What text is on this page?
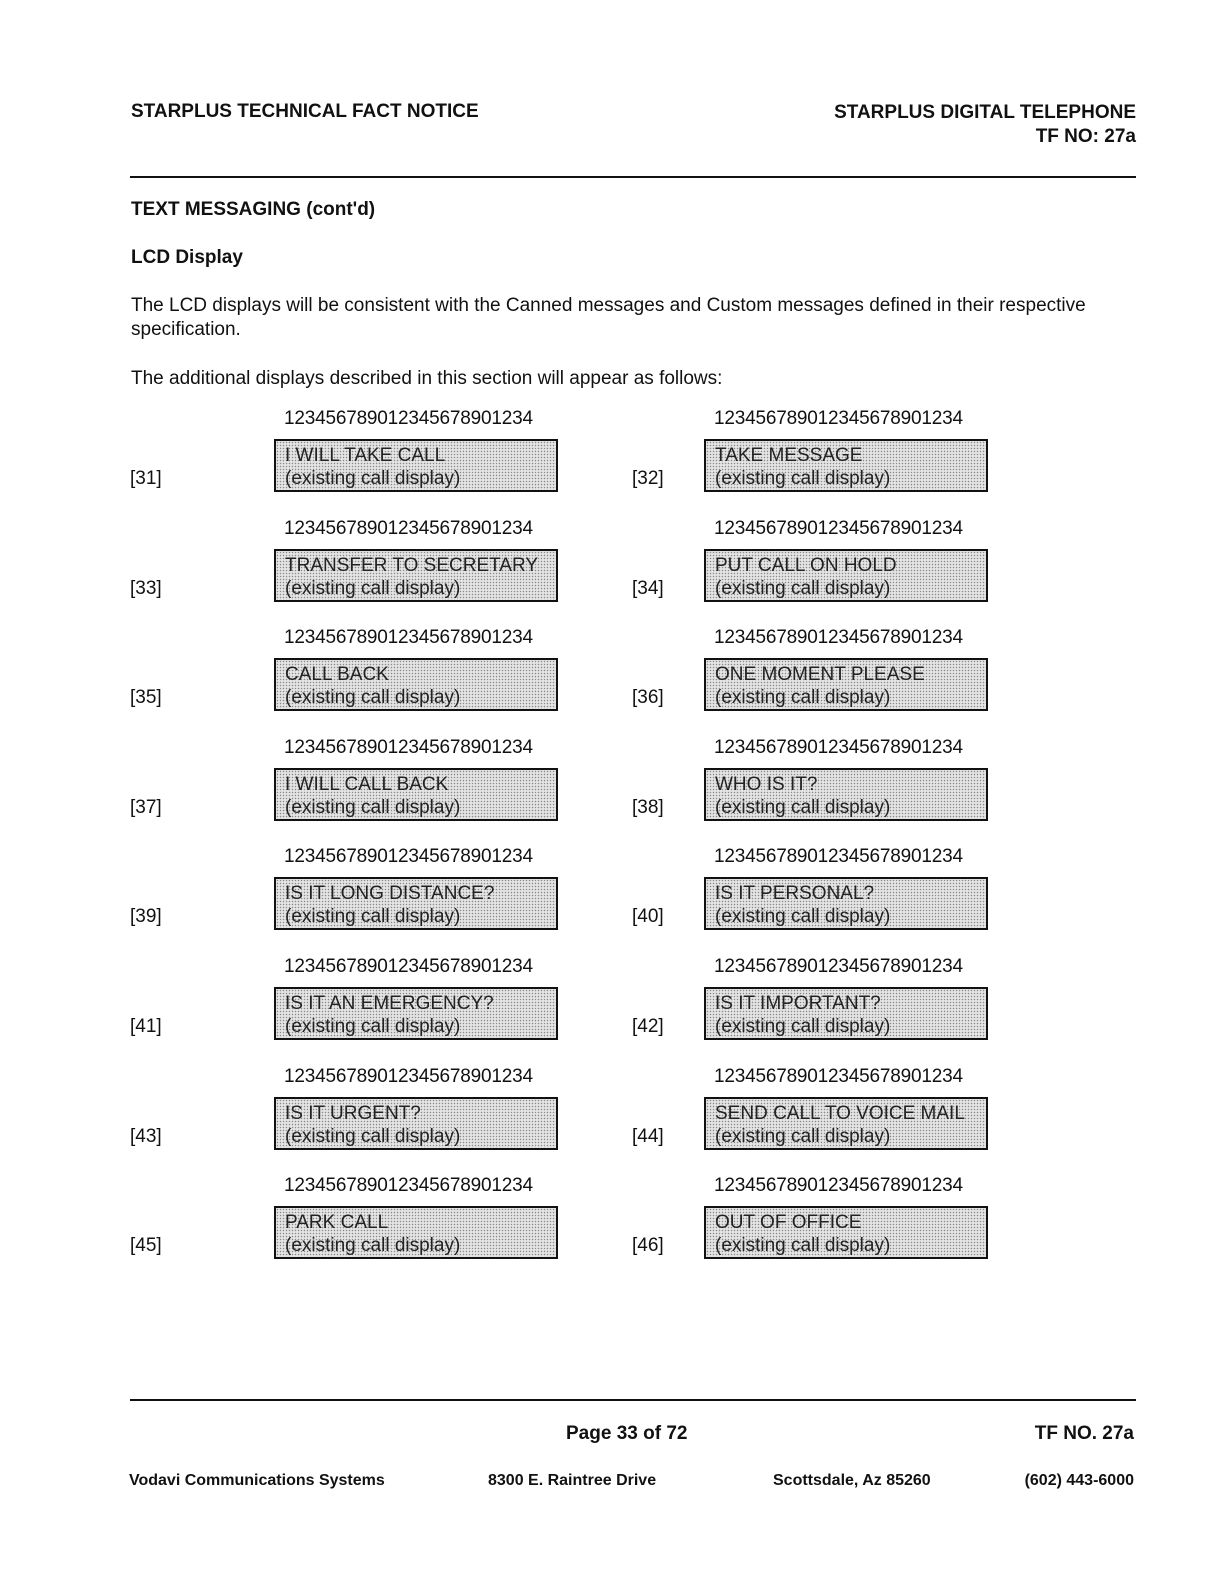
STARPLUS TECHNICAL FACT NOTICE	STARPLUS DIGITAL TELEPHONE
TF NO: 27a
TEXT MESSAGING (cont'd)
LCD Display
The LCD displays will be consistent with the Canned messages and Custom messages defined in their respective specification.
The additional displays described in this section will appear as follows:
123456789012345678901234
[31]
I WILL TAKE CALL
(existing call display)
123456789012345678901234
[32]
TAKE MESSAGE
(existing call display)
123456789012345678901234
[33]
TRANSFER TO SECRETARY
(existing call display)
123456789012345678901234
[34]
PUT CALL ON HOLD
(existing call display)
123456789012345678901234
[35]
CALL BACK
(existing call display)
123456789012345678901234
[36]
ONE MOMENT PLEASE
(existing call display)
123456789012345678901234
[37]
I WILL CALL BACK
(existing call display)
123456789012345678901234
[38]
WHO IS IT?
(existing call display)
123456789012345678901234
[39]
IS IT LONG DISTANCE?
(existing call display)
123456789012345678901234
[40]
IS IT PERSONAL?
(existing call display)
123456789012345678901234
[41]
IS IT AN EMERGENCY?
(existing call display)
123456789012345678901234
[42]
IS IT IMPORTANT?
(existing call display)
123456789012345678901234
[43]
IS IT URGENT?
(existing call display)
123456789012345678901234
[44]
SEND CALL TO VOICE MAIL
(existing call display)
123456789012345678901234
[45]
PARK CALL
(existing call display)
123456789012345678901234
[46]
OUT OF OFFICE
(existing call display)
Page 33 of 72	TF NO. 27a
Vodavi Communications Systems	8300 E. Raintree Drive	Scottsdale, Az 85260	(602) 443-6000
